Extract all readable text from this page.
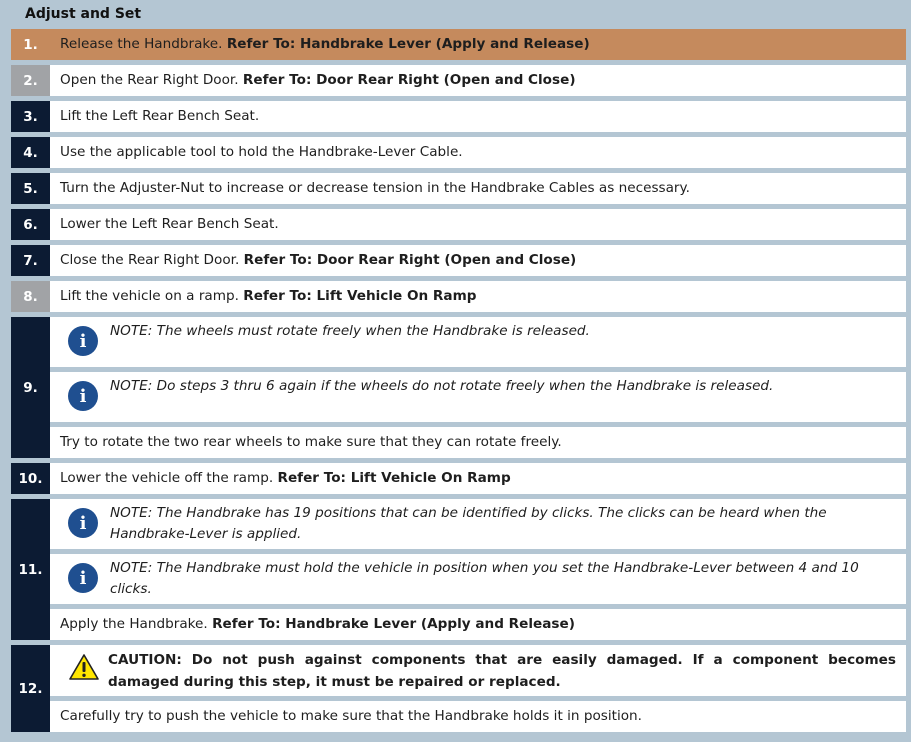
Adjust and Set
1.	Release the Handbrake.
Refer To: Handbrake Lever (Apply and Release)
2.	Open the Rear Right Door.
Refer To: Door Rear Right (Open and Close)
3.	Lift the Left Rear Bench Seat.
4.	Use the applicable tool to hold the Handbrake-Lever Cable.
5.	Turn the Adjuster-Nut to increase or decrease tension in the Handbrake Cables as necessary.
6.	Lower the Left Rear Bench Seat.
7.	Close the Rear Right Door.
Refer To: Door Rear Right (Open and Close)
8.	Lift the vehicle on a ramp.
Refer To: Lift Vehicle On Ramp
9.
i	NOTE: The wheels must rotate freely when the Handbrake is released.
i	NOTE: Do steps 3 thru 6 again if the wheels do not rotate freely when the Handbrake is released.
Try to rotate the two rear wheels to make sure that they can rotate freely.
10.	Lower the vehicle off the ramp.
Refer To: Lift Vehicle On Ramp
11.
i	NOTE: The Handbrake has 19 positions that can be identified by clicks. The clicks can be heard when the Handbrake-Lever is applied.
i	NOTE: The Handbrake must hold the vehicle in position when you set the Handbrake-Lever between 4 and 10 clicks.
Apply the Handbrake.
Refer To: Handbrake Lever (Apply and Release)
12.
CAUTION: Do not push against components that are easily damaged. If a component becomes damaged during this step, it must be repaired or replaced.
Carefully try to push the vehicle to make sure that the Handbrake holds it in position.
